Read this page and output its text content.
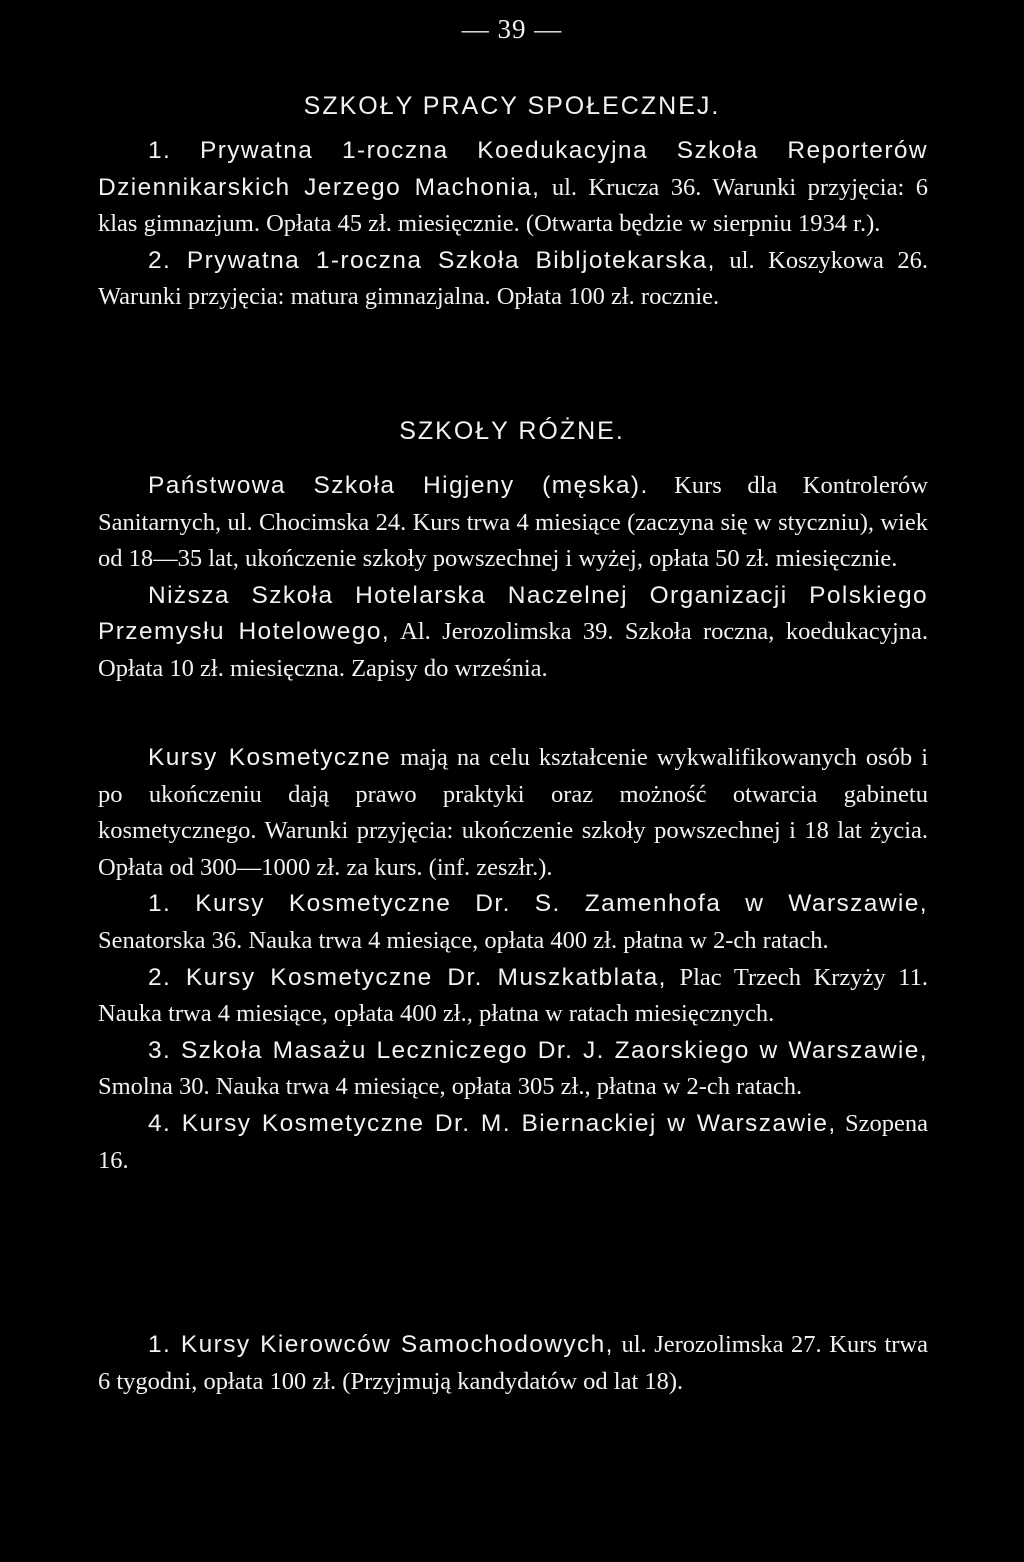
— 39 —
SZKOŁY PRACY SPOŁECZNEJ.
1. Prywatna 1-roczna Koedukacyjna Szkoła Reporterów Dziennikarskich Jerzego Machonia, ul. Krucza 36. Warunki przyjęcia: 6 klas gimnazjum. Opłata 45 zł. miesięcznie. (Otwarta będzie w sierpniu 1934 r.).
2. Prywatna 1-roczna Szkoła Bibljotekarska, ul. Koszykowa 26. Warunki przyjęcia: matura gimnazjalna. Opłata 100 zł. rocznie.
SZKOŁY RÓŻNE.
Państwowa Szkoła Higjeny (męska). Kurs dla Kontrolerów Sanitarnych, ul. Chocimska 24. Kurs trwa 4 miesiące (zaczyna się w styczniu), wiek od 18—35 lat, ukończenie szkoły powszechnej i wyżej, opłata 50 zł. miesięcznie.
Niższa Szkoła Hotelarska Naczelnej Organizacji Polskiego Przemysłu Hotelowego, Al. Jerozolimska 39. Szkoła roczna, koedukacyjna. Opłata 10 zł. miesięczna. Zapisy do września.
Kursy Kosmetyczne mają na celu kształcenie wykwalifikowanych osób i po ukończeniu dają prawo praktyki oraz możność otwarcia gabinetu kosmetycznego. Warunki przyjęcia: ukończenie szkoły powszechnej i 18 lat życia. Opłata od 300—1000 zł. za kurs. (inf. zeszłr.).
1. Kursy Kosmetyczne Dr. S. Zamenhofa w Warszawie, Senatorska 36. Nauka trwa 4 miesiące, opłata 400 zł. płatna w 2-ch ratach.
2. Kursy Kosmetyczne Dr. Muszkatblata, Plac Trzech Krzyży 11. Nauka trwa 4 miesiące, opłata 400 zł., płatna w ratach miesięcznych.
3. Szkoła Masażu Leczniczego Dr. J. Zaorskiego w Warszawie, Smolna 30. Nauka trwa 4 miesiące, opłata 305 zł., płatna w 2-ch ratach.
4. Kursy Kosmetyczne Dr. M. Biernackiej w Warszawie, Szopena 16.
1. Kursy Kierowców Samochodowych, ul. Jerozolimska 27. Kurs trwa 6 tygodni, opłata 100 zł. (Przyjmują kandydatów od lat 18).
